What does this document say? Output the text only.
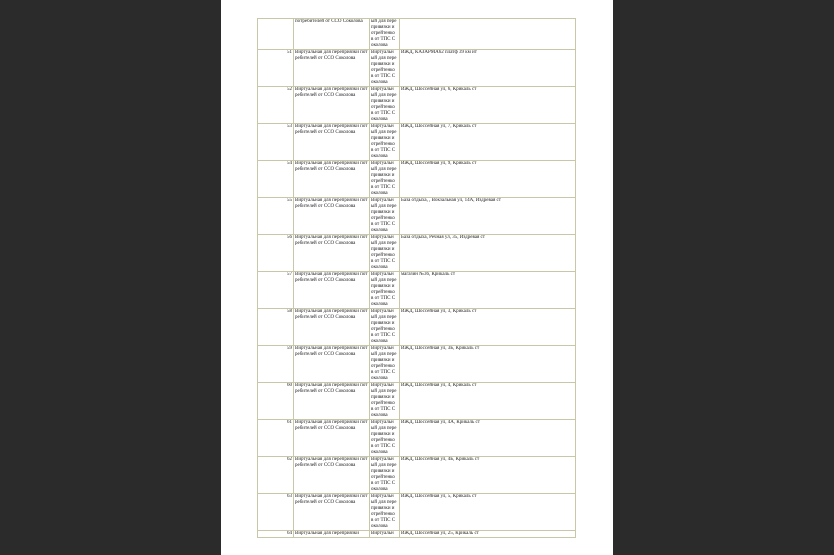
	потребителей от ССО Соколова	ый для пере привязки и отрейтенко в от ТПС С околова	

51	Виртуальная для переприязки потребителей от ССО Соколова	Виртуальн ый для пере привязки и отрейтенко в от ТПС С околова	ИЖД, КАЗАРМА62 платф 39 км ит

52	Виртуальная для переприязки потребителей от ССО Соколова	Виртуальн ый для пере привязки и отрейтенко в от ТПС С околова	ИЖД, Шоссейная ул, 6, Крикаль ст

53	Виртуальная для переприязки потребителей от ССО Соколова	Виртуальн ый для пере привязки и отрейтенко в от ТПС С околова	ИЖД, Шоссейная ул, 7, Крикаль ст

54	Виртуальная для переприязки потребителей от ССО Соколова	Виртуальн ый для пере привязки и отрейтенко в от ТПС С околова	ИЖД, Шоссейная ул, 9, Крикаль ст

55	Виртуальная для переприязки потребителей от ССО Соколова	Виртуальн ый для пере привязки и отрейтенко в от ТПС С околова	База отдыха, , Вокзальная ул, 14А, Издревая ст

56	Виртуальная для переприязки потребителей от ССО Соколова	Виртуальн ый для пере привязки и отрейтенко в от ТПС С околова	База отдыха, Речная ул, 35, Издревая ст

57	Виртуальная для переприязки потребителей от ССО Соколова	Виртуальн ый для пере привязки и отрейтенко в от ТПС С околова	магазин №36, Крикаль ст

58	Виртуальная для переприязки потребителей от ССО Соколова	Виртуальн ый для пере привязки и отрейтенко в от ТПС С околова	ИЖД, Шоссейная ул, 3, Крикаль ст

59	Виртуальная для переприязки потребителей от ССО Соколова	Виртуальн ый для пере привязки и отрейтенко в от ТПС С околова	ИЖД, Шоссейная ул, 3Б, Крикаль ст

60	Виртуальная для переприязки потребителей от ССО Соколова	Виртуальн ый для пере привязки и отрейтенко в от ТПС С околова	ИЖД, Шоссейная ул, 4, Крикаль ст

61	Виртуальная для переприязки потребителей от ССО Соколова	Виртуальн ый для пере привязки и отрейтенко в от ТПС С околова	ИЖД, Шоссейная ул, 4А, Крикаль ст

62	Виртуальная для переприязки потребителей от ССО Соколова	Виртуальн ый для пере привязки и отрейтенко в от ТПС С околова	ИЖД, Шоссейная ул, 4Б, Крикаль ст

63	Виртуальная для переприязки потребителей от ССО Соколова	Виртуальн ый для пере привязки и отрейтенко в от ТПС С околова	ИЖД, Шоссейная ул, 5, Крикаль ст

64	Виртуальная для переприязки	Виртуальн	ИЖД, Шоссейная ул, 25, Крикаль ст
